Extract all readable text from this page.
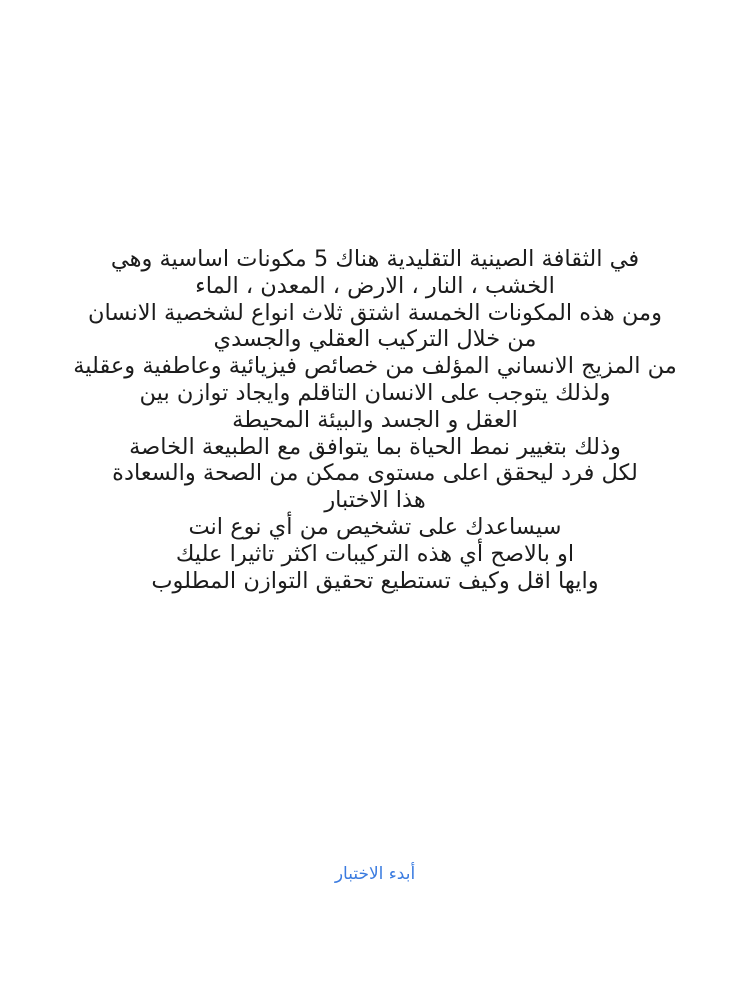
في الثقافة الصينية التقليدية هناك 5 مكونات اساسية وهي
الخشب ، النار ، الارض ، المعدن ، الماء
ومن هذه المكونات الخمسة اشتق ثلاث انواع لشخصية الانسان
من خلال التركيب العقلي والجسدي
من المزيج الانساني المؤلف من خصائص فيزيائية وعاطفية وعقلية
ولذلك يتوجب على الانسان التاقلم وايجاد توازن بين
العقل و الجسد والبيئة المحيطة
وذلك بتغيير نمط الحياة بما يتوافق مع الطبيعة الخاصة
لكل فرد ليحقق اعلى مستوى ممكن من الصحة والسعادة
هذا الاختبار
سيساعدك على تشخيص من أي نوع انت
او بالاصح أي هذه التركيبات اكثر تاثيرا عليك
وايها اقل وكيف تستطيع تحقيق التوازن المطلوب
أبدء الاختبار
